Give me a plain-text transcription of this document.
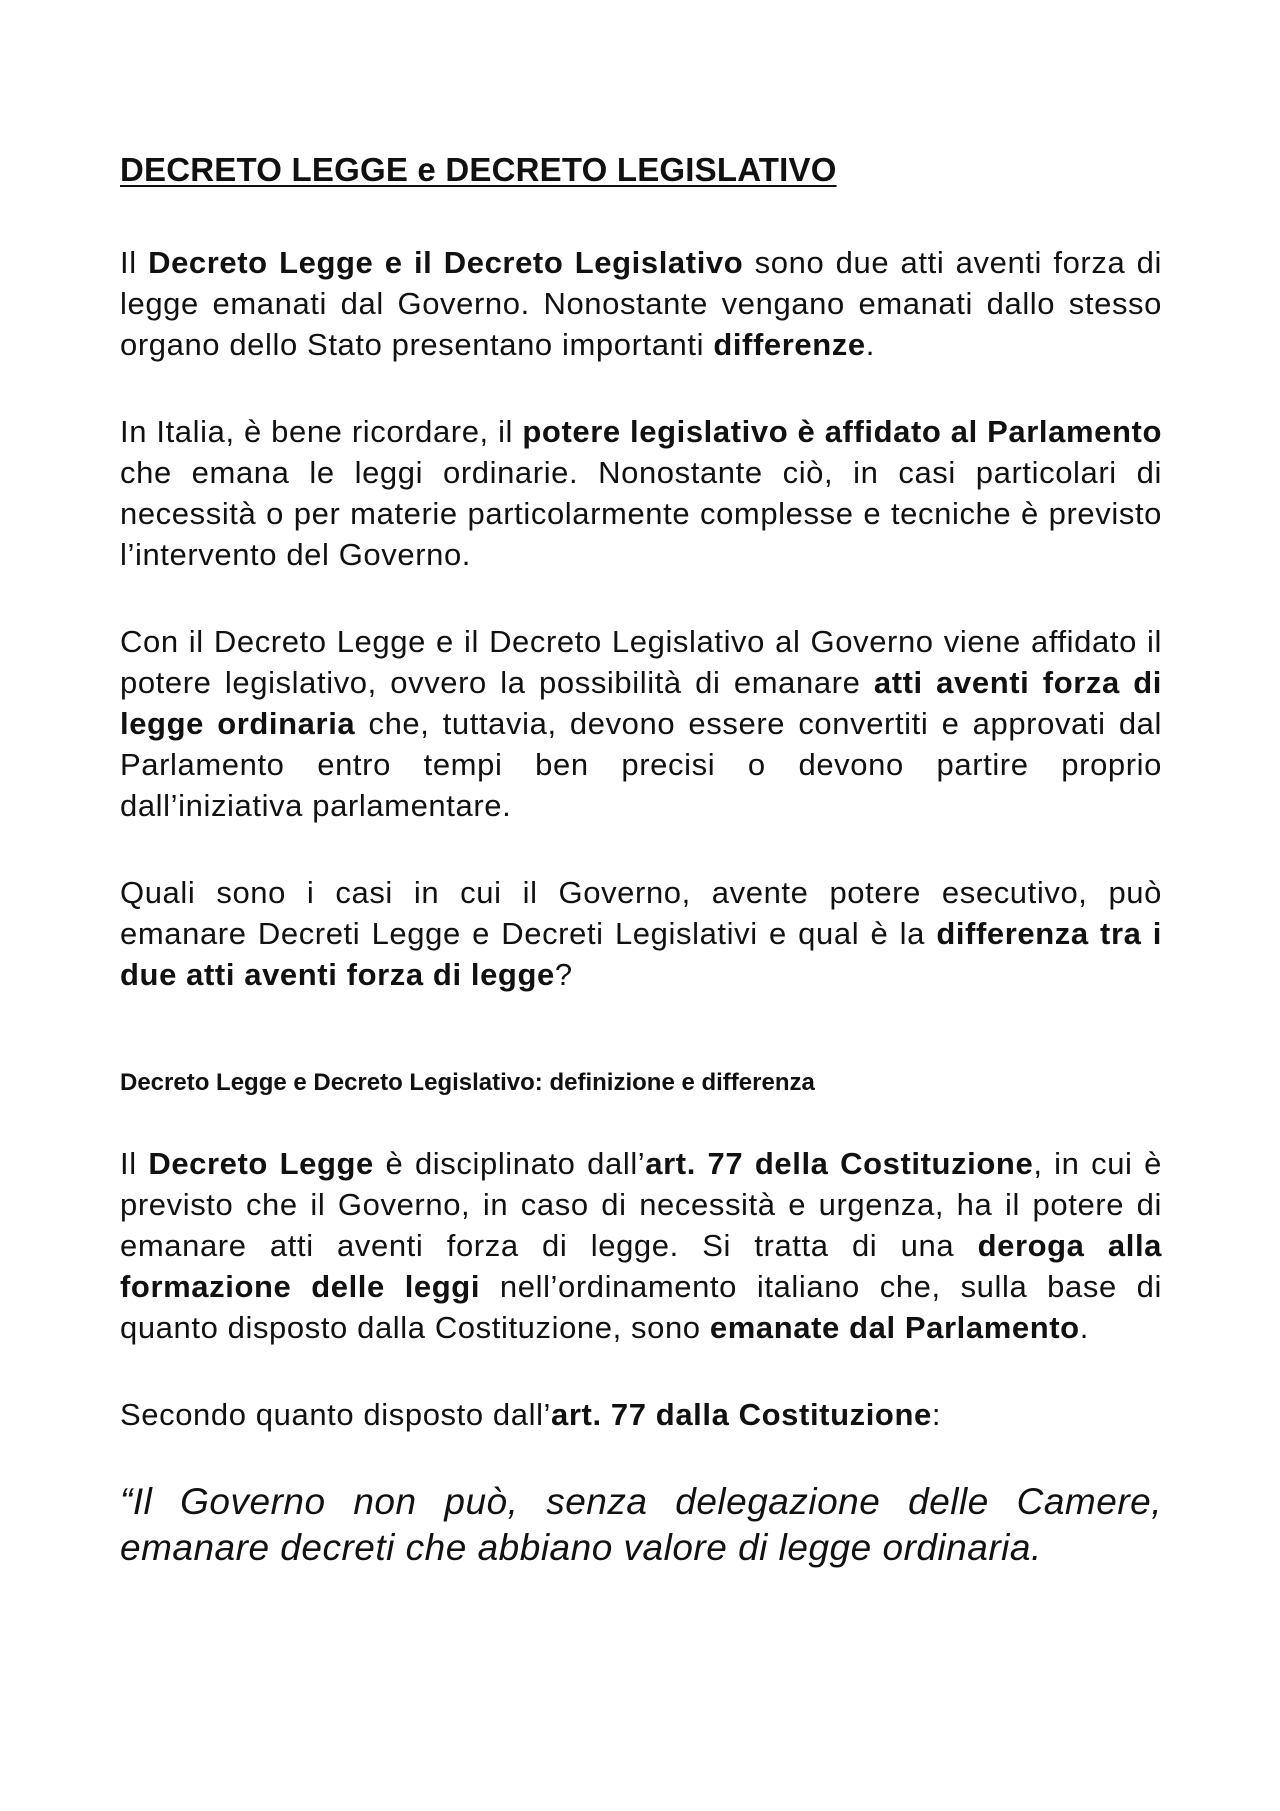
DECRETO LEGGE e DECRETO LEGISLATIVO

Il Decreto Legge e il Decreto Legislativo sono due atti aventi forza di legge emanati dal Governo. Nonostante vengano emanati dallo stesso organo dello Stato presentano importanti differenze.

In Italia, è bene ricordare, il potere legislativo è affidato al Parlamento che emana le leggi ordinarie. Nonostante ciò, in casi particolari di necessità o per materie particolarmente complesse e tecniche è previsto l’intervento del Governo.

Con il Decreto Legge e il Decreto Legislativo al Governo viene affidato il potere legislativo, ovvero la possibilità di emanare atti aventi forza di legge ordinaria che, tuttavia, devono essere convertiti e approvati dal Parlamento entro tempi ben precisi o devono partire proprio dall’iniziativa parlamentare.

Quali sono i casi in cui il Governo, avente potere esecutivo, può emanare Decreti Legge e Decreti Legislativi e qual è la differenza tra i due atti aventi forza di legge?

Decreto Legge e Decreto Legislativo: definizione e differenza

Il Decreto Legge è disciplinato dall’art. 77 della Costituzione, in cui è previsto che il Governo, in caso di necessità e urgenza, ha il potere di emanare atti aventi forza di legge. Si tratta di una deroga alla formazione delle leggi nell’ordinamento italiano che, sulla base di quanto disposto dalla Costituzione, sono emanate dal Parlamento.

Secondo quanto disposto dall’art. 77 dalla Costituzione:

“Il Governo non può, senza delegazione delle Camere, emanare decreti che abbiano valore di legge ordinaria.
